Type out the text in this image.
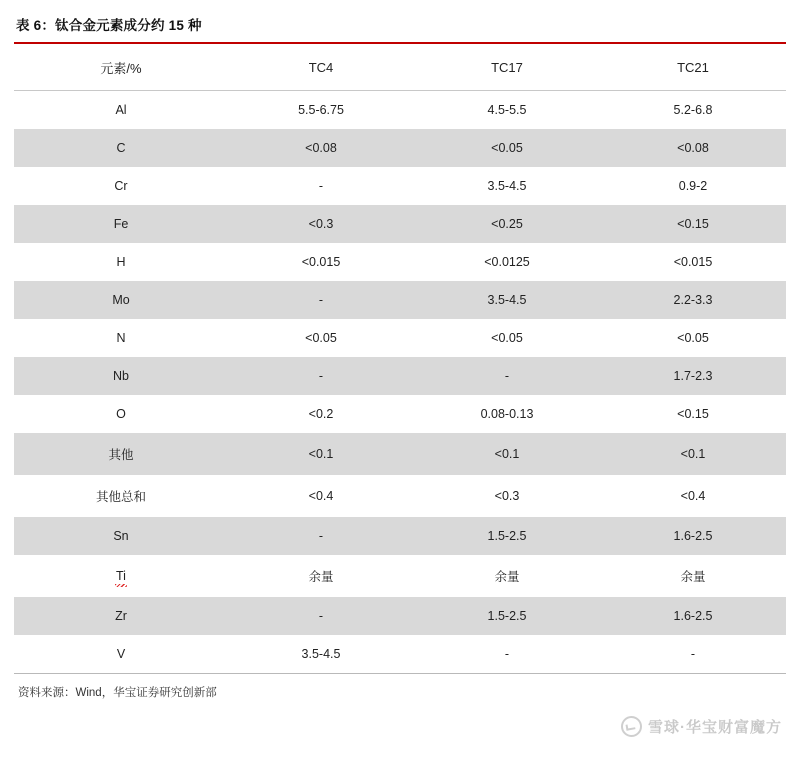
表 6：钛合金元素成分约 15 种
元素/%	TC4	TC17	TC21
Al	5.5-6.75	4.5-5.5	5.2-6.8
C	<0.08	<0.05	<0.08
Cr	-	3.5-4.5	0.9-2
Fe	<0.3	<0.25	<0.15
H	<0.015	<0.0125	<0.015
Mo	-	3.5-4.5	2.2-3.3
N	<0.05	<0.05	<0.05
Nb	-	-	1.7-2.3
O	<0.2	0.08-0.13	<0.15
其他	<0.1	<0.1	<0.1
其他总和	<0.4	<0.3	<0.4
Sn	-	1.5-2.5	1.6-2.5
Ti	余量	余量	余量
Zr	-	1.5-2.5	1.6-2.5
V	3.5-4.5	-	-
资料来源：Wind，华宝证券研究创新部
雪球·华宝财富魔方
